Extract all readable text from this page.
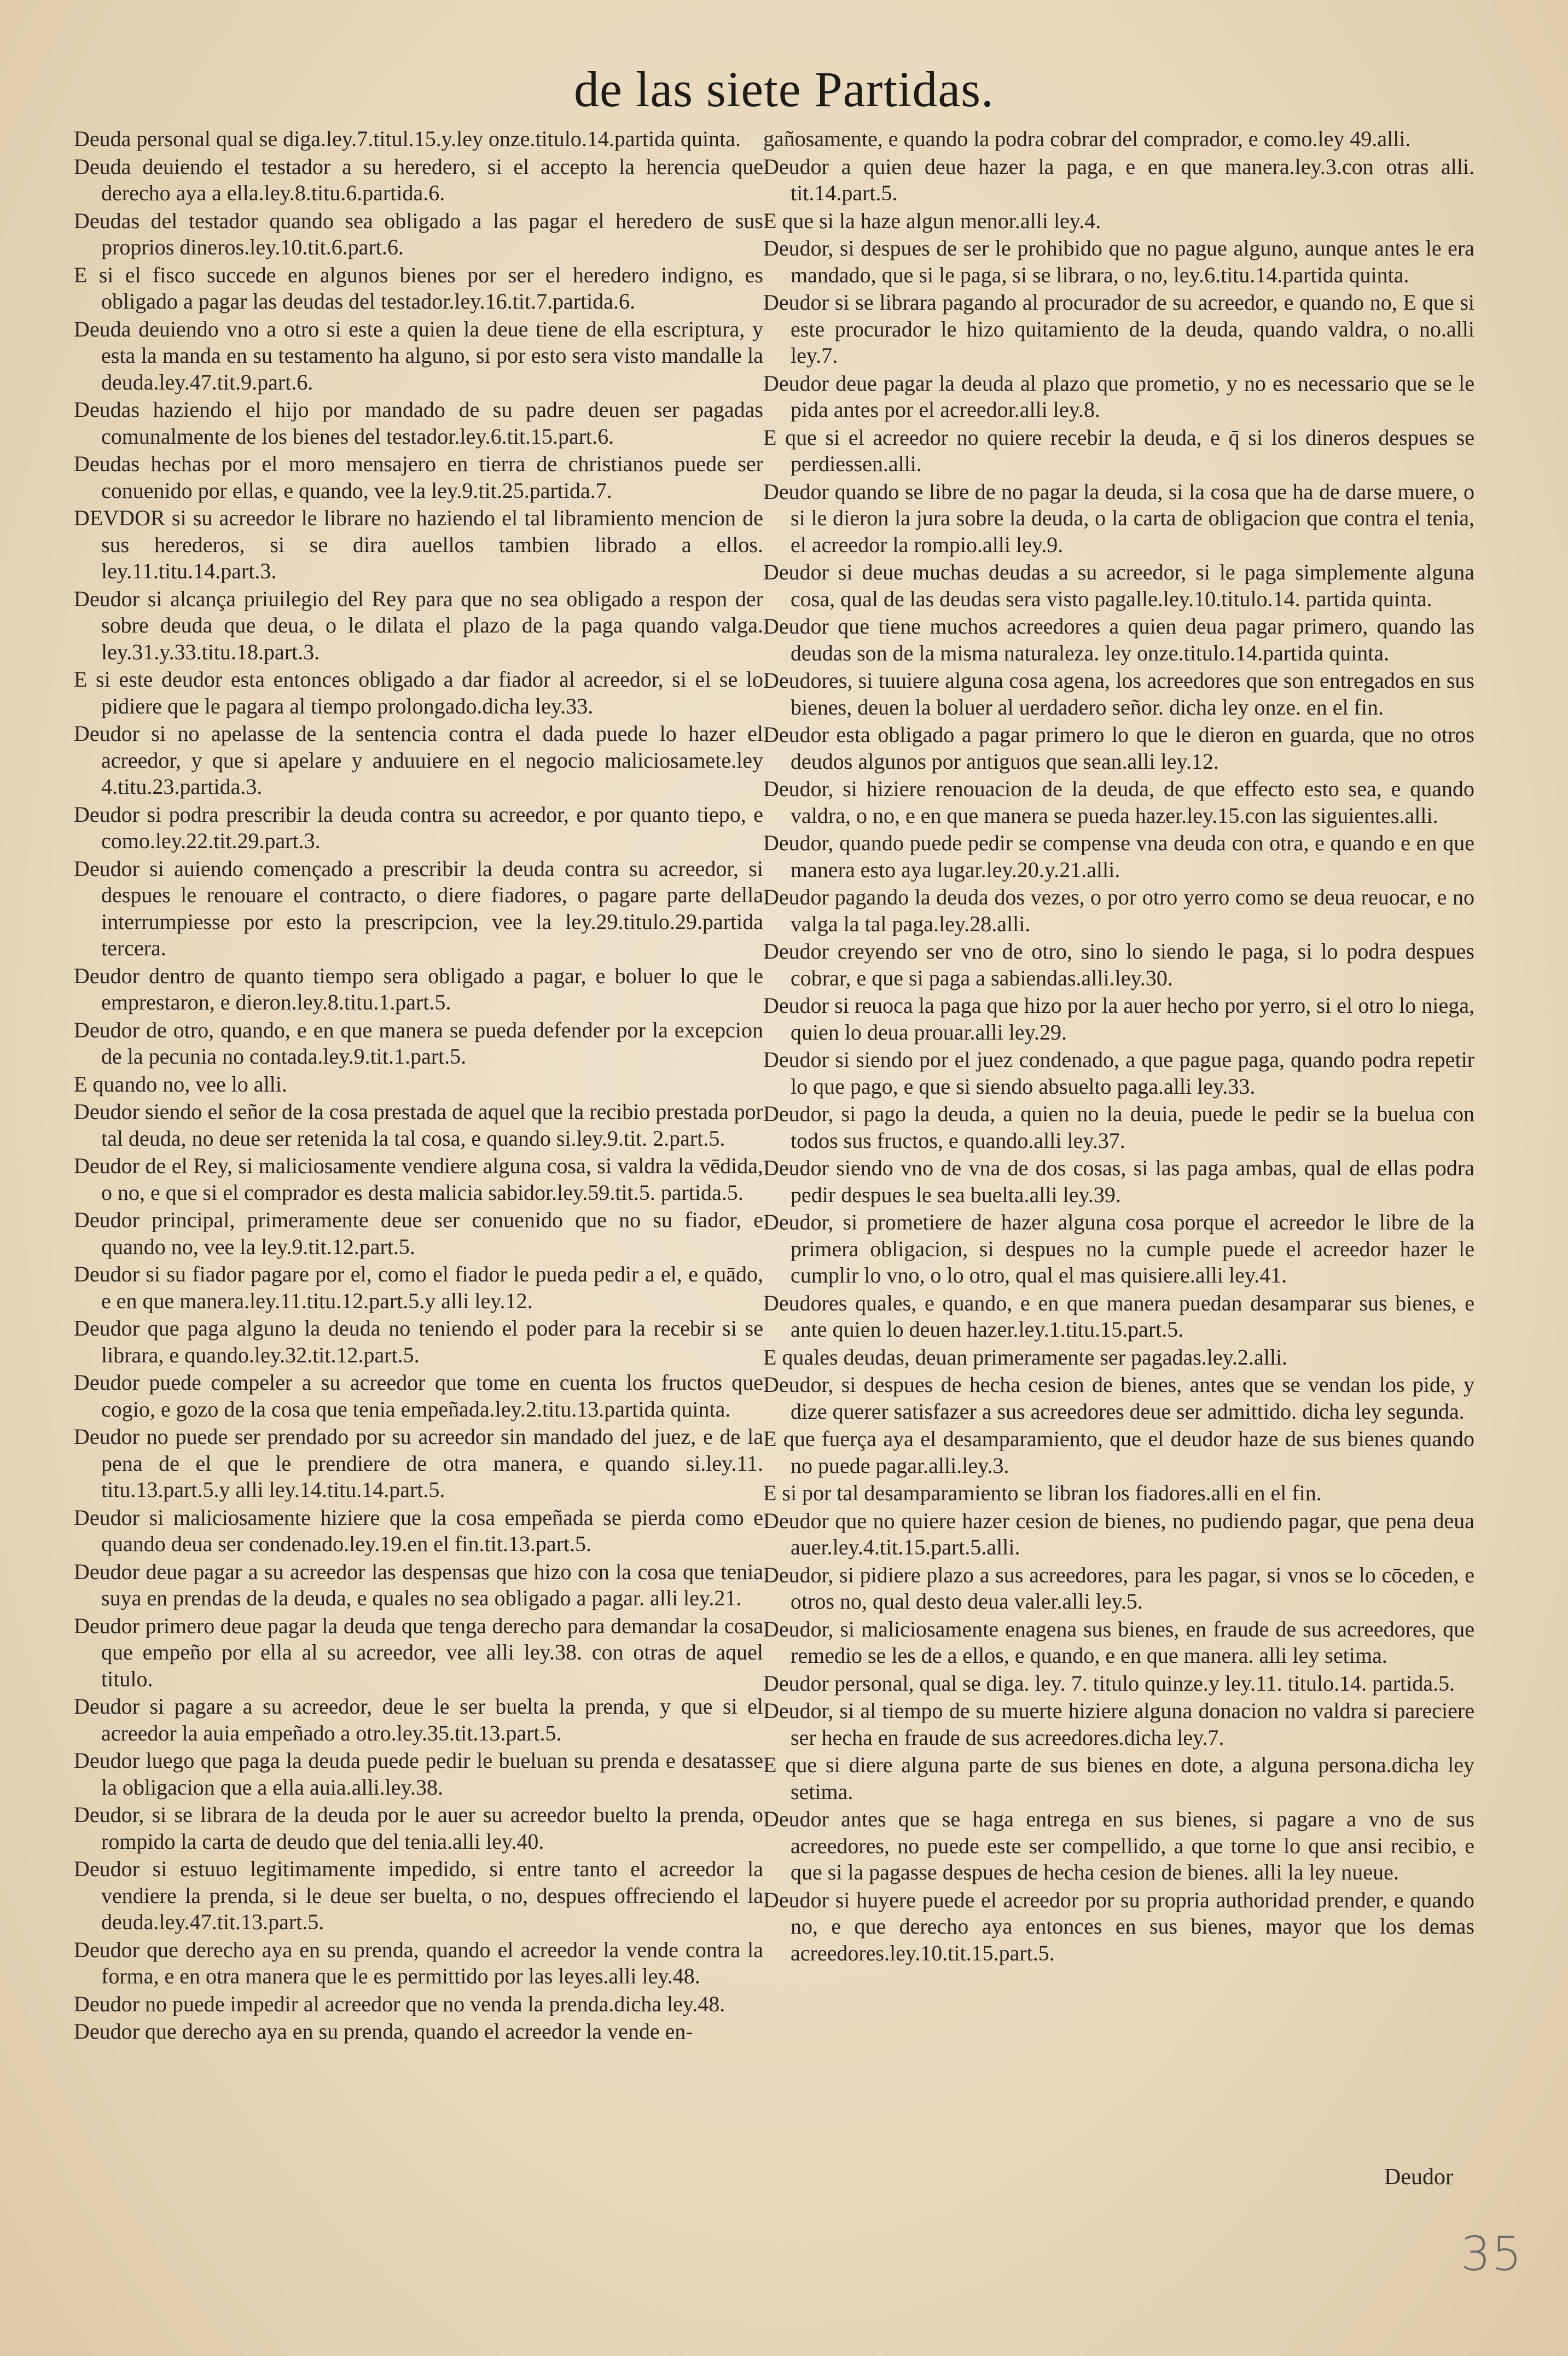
de las siete Partidas.

Deuda personal qual se diga.ley.7.titul.15.y.ley onze.titulo.14.partida quinta.

Deuda deuiendo el testador a su heredero, si el accepto la herencia que derecho aya a ella.ley.8.titu.6.partida.6.

Deudas del testador quando sea obligado a las pagar el heredero de sus proprios dineros.ley.10.tit.6.part.6.

E si el fisco succede en algunos bienes por ser el heredero indigno, es obligado a pagar las deudas del testador.ley.16.tit.7.partida.6.

Deuda deuiendo vno a otro si este a quien la deue tiene de ella escriptura, y esta la manda en su testamento ha alguno, si por esto sera visto mandalle la deuda.ley.47.tit.9.part.6.

Deudas haziendo el hijo por mandado de su padre deuen ser pagadas comunalmente de los bienes del testador.ley.6.tit.15.part.6.

Deudas hechas por el moro mensajero en tierra de christianos puede ser conuenido por ellas, e quando, vee la ley.9.tit.25.partida.7.

DEVDOR si su acreedor le librare no haziendo el tal libramiento mencion de sus herederos, si se dira auellos tambien librado a ellos. ley.11.titu.14.part.3.

Deudor si alcança priuilegio del Rey para que no sea obligado a respon der sobre deuda que deua, o le dilata el plazo de la paga quando valga. ley.31.y.33.titu.18.part.3.

E si este deudor esta entonces obligado a dar fiador al acreedor, si el se lo pidiere que le pagara al tiempo prolongado.dicha ley.33.

Deudor si no apelasse de la sentencia contra el dada puede lo hazer el acreedor, y que si apelare y anduuiere en el negocio maliciosamete.ley 4.titu.23.partida.3.

Deudor si podra prescribir la deuda contra su acreedor, e por quanto tiepo, e como.ley.22.tit.29.part.3.

Deudor si auiendo començado a prescribir la deuda contra su acreedor, si despues le renouare el contracto, o diere fiadores, o pagare parte della interrumpiesse por esto la prescripcion, vee la ley.29.titulo.29.partida tercera.

Deudor dentro de quanto tiempo sera obligado a pagar, e boluer lo que le emprestaron, e dieron.ley.8.titu.1.part.5.

Deudor de otro, quando, e en que manera se pueda defender por la excepcion de la pecunia no contada.ley.9.tit.1.part.5.

E quando no, vee lo alli.

Deudor siendo el señor de la cosa prestada de aquel que la recibio prestada por tal deuda, no deue ser retenida la tal cosa, e quando si.ley.9.tit. 2.part.5.

Deudor de el Rey, si maliciosamente vendiere alguna cosa, si valdra la vēdida, o no, e que si el comprador es desta malicia sabidor.ley.59.tit.5. partida.5.

Deudor principal, primeramente deue ser conuenido que no su fiador, e quando no, vee la ley.9.tit.12.part.5.

Deudor si su fiador pagare por el, como el fiador le pueda pedir a el, e quādo, e en que manera.ley.11.titu.12.part.5.y alli ley.12.

Deudor que paga alguno la deuda no teniendo el poder para la recebir si se librara, e quando.ley.32.tit.12.part.5.

Deudor puede compeler a su acreedor que tome en cuenta los fructos que cogio, e gozo de la cosa que tenia empeñada.ley.2.titu.13.partida quinta.

Deudor no puede ser prendado por su acreedor sin mandado del juez, e de la pena de el que le prendiere de otra manera, e quando si.ley.11. titu.13.part.5.y alli ley.14.titu.14.part.5.

Deudor si maliciosamente hiziere que la cosa empeñada se pierda como e quando deua ser condenado.ley.19.en el fin.tit.13.part.5.

Deudor deue pagar a su acreedor las despensas que hizo con la cosa que tenia suya en prendas de la deuda, e quales no sea obligado a pagar. alli ley.21.

Deudor primero deue pagar la deuda que tenga derecho para demandar la cosa que empeño por ella al su acreedor, vee alli ley.38. con otras de aquel titulo.

Deudor si pagare a su acreedor, deue le ser buelta la prenda, y que si el acreedor la auia empeñado a otro.ley.35.tit.13.part.5.

Deudor luego que paga la deuda puede pedir le bueluan su prenda e desatasse la obligacion que a ella auia.alli.ley.38.

Deudor, si se librara de la deuda por le auer su acreedor buelto la prenda, o rompido la carta de deudo que del tenia.alli ley.40.

Deudor si estuuo legitimamente impedido, si entre tanto el acreedor la vendiere la prenda, si le deue ser buelta, o no, despues offreciendo el la deuda.ley.47.tit.13.part.5.

Deudor que derecho aya en su prenda, quando el acreedor la vende contra la forma, e en otra manera que le es permittido por las leyes.alli ley.48.

Deudor no puede impedir al acreedor que no venda la prenda.dicha ley.48.

Deudor que derecho aya en su prenda, quando el acreedor la vende en-

gañosamente, e quando la podra cobrar del comprador, e como.ley 49.alli.

Deudor a quien deue hazer la paga, e en que manera.ley.3.con otras alli. tit.14.part.5.

E que si la haze algun menor.alli ley.4.

Deudor, si despues de ser le prohibido que no pague alguno, aunque antes le era mandado, que si le paga, si se librara, o no, ley.6.titu.14.partida quinta.

Deudor si se librara pagando al procurador de su acreedor, e quando no, E que si este procurador le hizo quitamiento de la deuda, quando valdra, o no.alli ley.7.

Deudor deue pagar la deuda al plazo que prometio, y no es necessario que se le pida antes por el acreedor.alli ley.8.

E que si el acreedor no quiere recebir la deuda, e q̄ si los dineros despues se perdiessen.alli.

Deudor quando se libre de no pagar la deuda, si la cosa que ha de darse muere, o si le dieron la jura sobre la deuda, o la carta de obligacion que contra el tenia, el acreedor la rompio.alli ley.9.

Deudor si deue muchas deudas a su acreedor, si le paga simplemente alguna cosa, qual de las deudas sera visto pagalle.ley.10.titulo.14. partida quinta.

Deudor que tiene muchos acreedores a quien deua pagar primero, quando las deudas son de la misma naturaleza. ley onze.titulo.14.partida quinta.

Deudores, si tuuiere alguna cosa agena, los acreedores que son entregados en sus bienes, deuen la boluer al uerdadero señor. dicha ley onze. en el fin.

Deudor esta obligado a pagar primero lo que le dieron en guarda, que no otros deudos algunos por antiguos que sean.alli ley.12.

Deudor, si hiziere renouacion de la deuda, de que effecto esto sea, e quando valdra, o no, e en que manera se pueda hazer.ley.15.con las siguientes.alli.

Deudor, quando puede pedir se compense vna deuda con otra, e quando e en que manera esto aya lugar.ley.20.y.21.alli.

Deudor pagando la deuda dos vezes, o por otro yerro como se deua reuocar, e no valga la tal paga.ley.28.alli.

Deudor creyendo ser vno de otro, sino lo siendo le paga, si lo podra despues cobrar, e que si paga a sabiendas.alli.ley.30.

Deudor si reuoca la paga que hizo por la auer hecho por yerro, si el otro lo niega, quien lo deua prouar.alli ley.29.

Deudor si siendo por el juez condenado, a que pague paga, quando podra repetir lo que pago, e que si siendo absuelto paga.alli ley.33.

Deudor, si pago la deuda, a quien no la deuia, puede le pedir se la buelua con todos sus fructos, e quando.alli ley.37.

Deudor siendo vno de vna de dos cosas, si las paga ambas, qual de ellas podra pedir despues le sea buelta.alli ley.39.

Deudor, si prometiere de hazer alguna cosa porque el acreedor le libre de la primera obligacion, si despues no la cumple puede el acreedor hazer le cumplir lo vno, o lo otro, qual el mas quisiere.alli ley.41.

Deudores quales, e quando, e en que manera puedan desamparar sus bienes, e ante quien lo deuen hazer.ley.1.titu.15.part.5.

E quales deudas, deuan primeramente ser pagadas.ley.2.alli.

Deudor, si despues de hecha cesion de bienes, antes que se vendan los pide, y dize querer satisfazer a sus acreedores deue ser admittido. dicha ley segunda.

E que fuerça aya el desamparamiento, que el deudor haze de sus bienes quando no puede pagar.alli.ley.3.

E si por tal desamparamiento se libran los fiadores.alli en el fin.

Deudor que no quiere hazer cesion de bienes, no pudiendo pagar, que pena deua auer.ley.4.tit.15.part.5.alli.

Deudor, si pidiere plazo a sus acreedores, para les pagar, si vnos se lo cōceden, e otros no, qual desto deua valer.alli ley.5.

Deudor, si maliciosamente enagena sus bienes, en fraude de sus acreedores, que remedio se les de a ellos, e quando, e en que manera. alli ley setima.

Deudor personal, qual se diga. ley. 7. titulo quinze.y ley.11. titulo.14. partida.5.

Deudor, si al tiempo de su muerte hiziere alguna donacion no valdra si pareciere ser hecha en fraude de sus acreedores.dicha ley.7.

E que si diere alguna parte de sus bienes en dote, a alguna persona.dicha ley setima.

Deudor antes que se haga entrega en sus bienes, si pagare a vno de sus acreedores, no puede este ser compellido, a que torne lo que ansi recibio, e que si la pagasse despues de hecha cesion de bienes. alli la ley nueue.

Deudor si huyere puede el acreedor por su propria authoridad prender, e quando no, e que derecho aya entonces en sus bienes, mayor que los demas acreedores.ley.10.tit.15.part.5.

Deudor
35
